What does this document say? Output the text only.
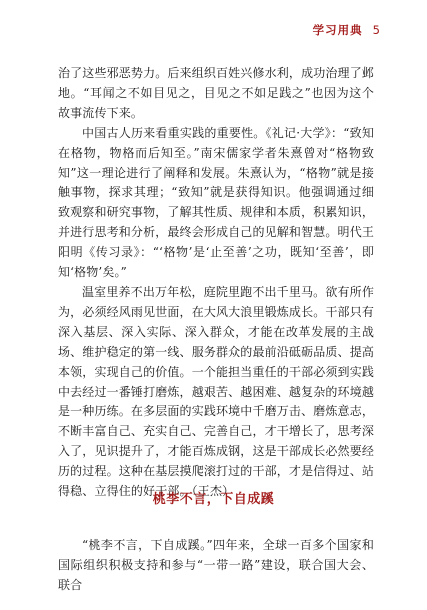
学习用典 5

治了这些邪恶势力。后来组织百姓兴修水利，成功治理了邺地。“耳闻之不如目见之，目见之不如足践之”也因为这个故事流传下来。

中国古人历来看重实践的重要性。《礼记·大学》：“致知在格物，物格而后知至。”南宋儒家学者朱熹曾对“格物致知”这一理论进行了阐释和发展。朱熹认为，“格物”就是接触事物，探求其理；“致知”就是获得知识。他强调通过细致观察和研究事物，了解其性质、规律和本质，积累知识，并进行思考和分析，最终会形成自己的见解和智慧。明代王阳明《传习录》：“‘格物’是‘止至善’之功，既知‘至善’，即知‘格物’矣。”

温室里养不出万年松，庭院里跑不出千里马。欲有所作为，必须经风雨见世面，在大风大浪里锻炼成长。干部只有深入基层、深入实际、深入群众，才能在改革发展的主战场、维护稳定的第一线、服务群众的最前沿砥砺品质、提高本领，实现自己的价值。一个能担当重任的干部必须到实践中去经过一番锤打磨炼，越艰苦、越困难、越复杂的环境越是一种历练。在多层面的实践环境中千磨万击、磨炼意志，不断丰富自己、充实自己、完善自己，才干增长了，思考深入了，见识提升了，才能百炼成钢，这是干部成长必然要经历的过程。这种在基层摸爬滚打过的干部，才是信得过、站得稳、立得住的好干部。（王杰）

桃李不言，下自成蹊

“桃李不言，下自成蹊。”四年来，全球一百多个国家和国际组织积极支持和参与“一带一路”建设，联合国大会、联合
